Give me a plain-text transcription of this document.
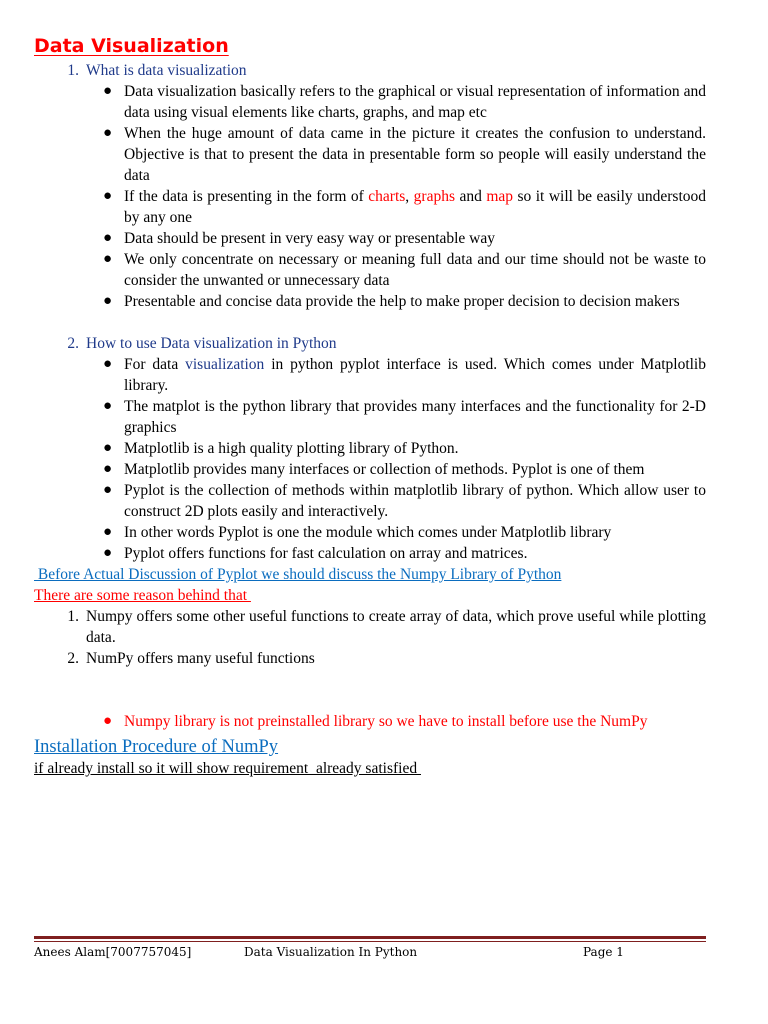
Data Visualization
1. What is data visualization
● Data visualization basically refers to the graphical or visual representation of information and data using visual elements like charts, graphs, and map etc
● When the huge amount of data came in the picture it creates the confusion to understand. Objective is that to present the data in presentable form so people will easily understand the data
● If the data is presenting in the form of charts, graphs and map so it will be easily understood by any one
● Data should be present in very easy way or presentable way
● We only concentrate on necessary or meaning full data and our time should not be waste to consider the unwanted or unnecessary data
● Presentable and concise data provide the help to make proper decision to decision makers
2. How to use Data visualization in Python
● For data visualization in python pyplot interface is used. Which comes under Matplotlib library.
● The matplot is the python library that provides many interfaces and the functionality for 2-D graphics
● Matplotlib is a high quality plotting library of Python.
● Matplotlib provides many interfaces or collection of methods. Pyplot is one of them
● Pyplot is the collection of methods within matplotlib library of python. Which allow user to construct 2D plots easily and interactively.
● In other words Pyplot is one the module which comes under Matplotlib library
● Pyplot offers functions for fast calculation on array and matrices.
Before Actual Discussion of Pyplot we should discuss the Numpy Library of Python
There are some reason behind that
1. Numpy offers some other useful functions to create array of data, which prove useful while plotting data.
2. NumPy offers many useful functions
● Numpy library is not preinstalled library so we have to install before use the NumPy
Installation Procedure of NumPy
if already install so it will show requirement  already satisfied
Anees Alam[7007757045]	Data Visualization In Python	Page 1
